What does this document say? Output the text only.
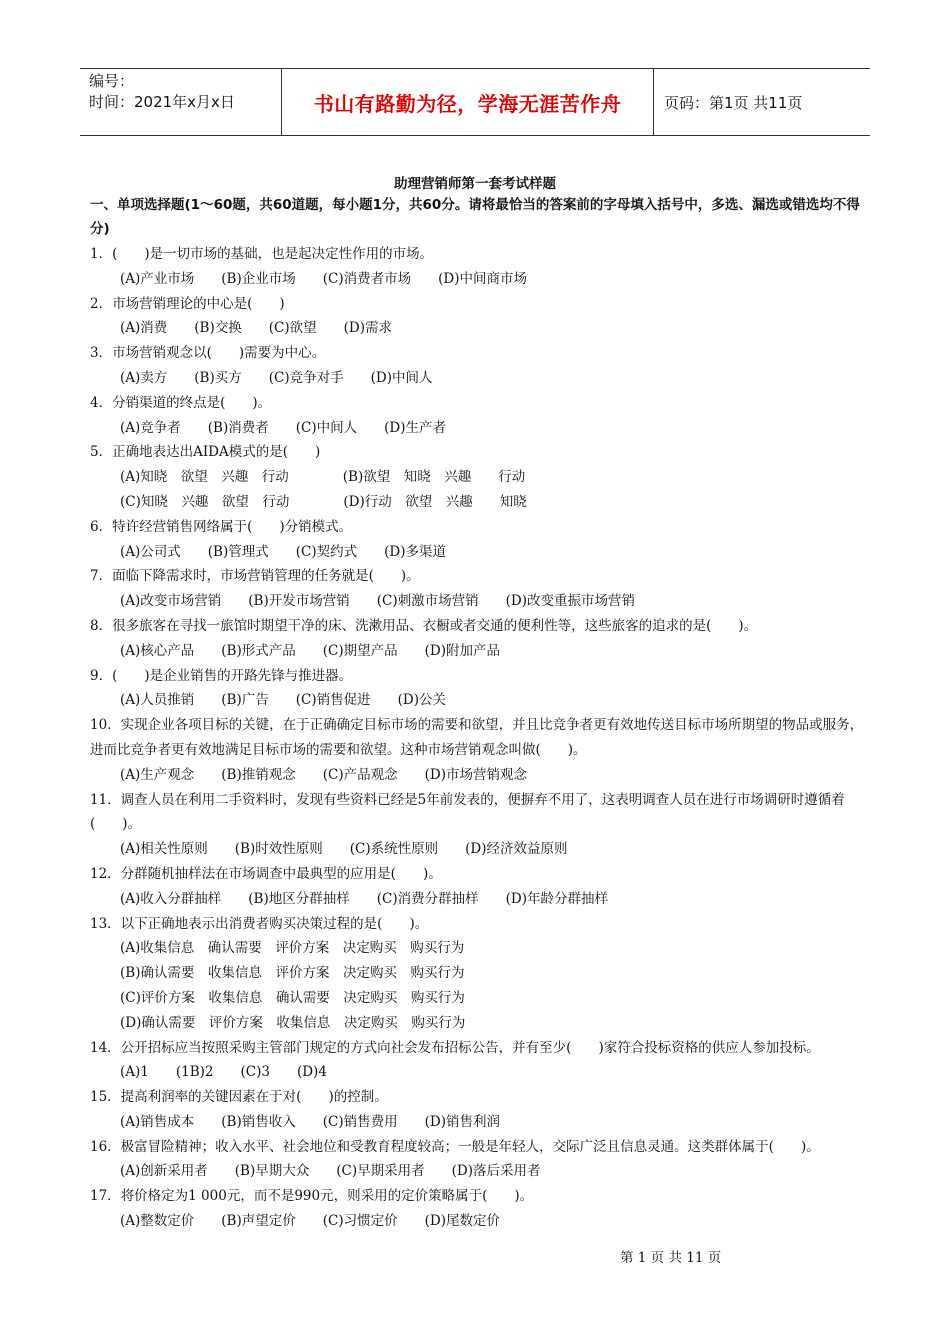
编号：
时间：2021年x月x日	书山有路勤为径，学海无涯苦作舟	页码：第1页 共11页
助理营销师第一套考试样题
一、单项选择题(1～60题，共60道题，每小题1分，共60分。请将最恰当的答案前的字母填入括号中，多选、漏选或错选均不得分)
1．(　　)是一切市场的基础，也是起决定性作用的市场。
(A)产业市场　　(B)企业市场　　(C)消费者市场　　(D)中间商市场
2．市场营销理论的中心是(　　)
(A)消费　　(B)交换　　(C)欲望　　(D)需求
3．市场营销观念以(　　)需要为中心。
(A)卖方　　(B)买方　　(C)竞争对手　　(D)中间人
4．分销渠道的终点是(　　)。
(A)竞争者　　(B)消费者　　(C)中间人　　(D)生产者
5．正确地表达出AIDA模式的是(　　)
(A)知晓　欲望　兴趣　行动　　　　(B)欲望　知晓　兴趣　　行动
(C)知晓　兴趣　欲望　行动　　　　(D)行动　欲望　兴趣　　知晓
6．特许经营销售网络属于(　　)分销模式。
(A)公司式　　(B)管理式　　(C)契约式　　(D)多渠道
7．面临下降需求时，市场营销管理的任务就是(　　)。
(A)改变市场营销　　(B)开发市场营销　　(C)刺激市场营销　　(D)改变重振市场营销
8．很多旅客在寻找一旅馆时期望干净的床、洗漱用品、衣橱或者交通的便利性等，这些旅客的追求的是(　　)。
(A)核心产品　　(B)形式产品　　(C)期望产品　　(D)附加产品
9．(　　)是企业销售的开路先锋与推进器。
(A)人员推销　　(B)广告　　(C)销售促进　　(D)公关
10．实现企业各项目标的关键，在于正确确定目标市场的需要和欲望，并且比竞争者更有效地传送目标市场所期望的物品或服务，进而比竞争者更有效地满足目标市场的需要和欲望。这种市场营销观念叫做(　　)。
(A)生产观念　　(B)推销观念　　(C)产品观念　　(D)市场营销观念
11．调查人员在利用二手资料时，发现有些资料已经是5年前发表的，便摒弃不用了，这表明调查人员在进行市场调研时遵循着(　　)。
(A)相关性原则　　(B)时效性原则　　(C)系统性原则　　(D)经济效益原则
12．分群随机抽样法在市场调查中最典型的应用是(　　)。
(A)收入分群抽样　　(B)地区分群抽样　　(C)消费分群抽样　　(D)年龄分群抽样
13．以下正确地表示出消费者购买决策过程的是(　　)。
(A)收集信息　确认需要　评价方案　决定购买　购买行为
(B)确认需要　收集信息　评价方案　决定购买　购买行为
(C)评价方案　收集信息　确认需要　决定购买　购买行为
(D)确认需要　评价方案　收集信息　决定购买　购买行为
14．公开招标应当按照采购主管部门规定的方式向社会发布招标公告，并有至少(　　)家符合投标资格的供应人参加投标。
(A)1　　(1B)2　　(C)3　　(D)4
15．提高利润率的关键因素在于对(　　)的控制。
(A)销售成本　　(B)销售收入　　(C)销售费用　　(D)销售利润
16．极富冒险精神；收入水平、社会地位和受教育程度较高；一般是年轻人，交际广泛且信息灵通。这类群体属于(　　)。
(A)创新采用者　　(B)早期大众　　(C)早期采用者　　(D)落后采用者
17．将价格定为1 000元，而不是990元，则采用的定价策略属于(　　)。
(A)整数定价　　(B)声望定价　　(C)习惯定价　　(D)尾数定价
第 1 页 共 11 页
